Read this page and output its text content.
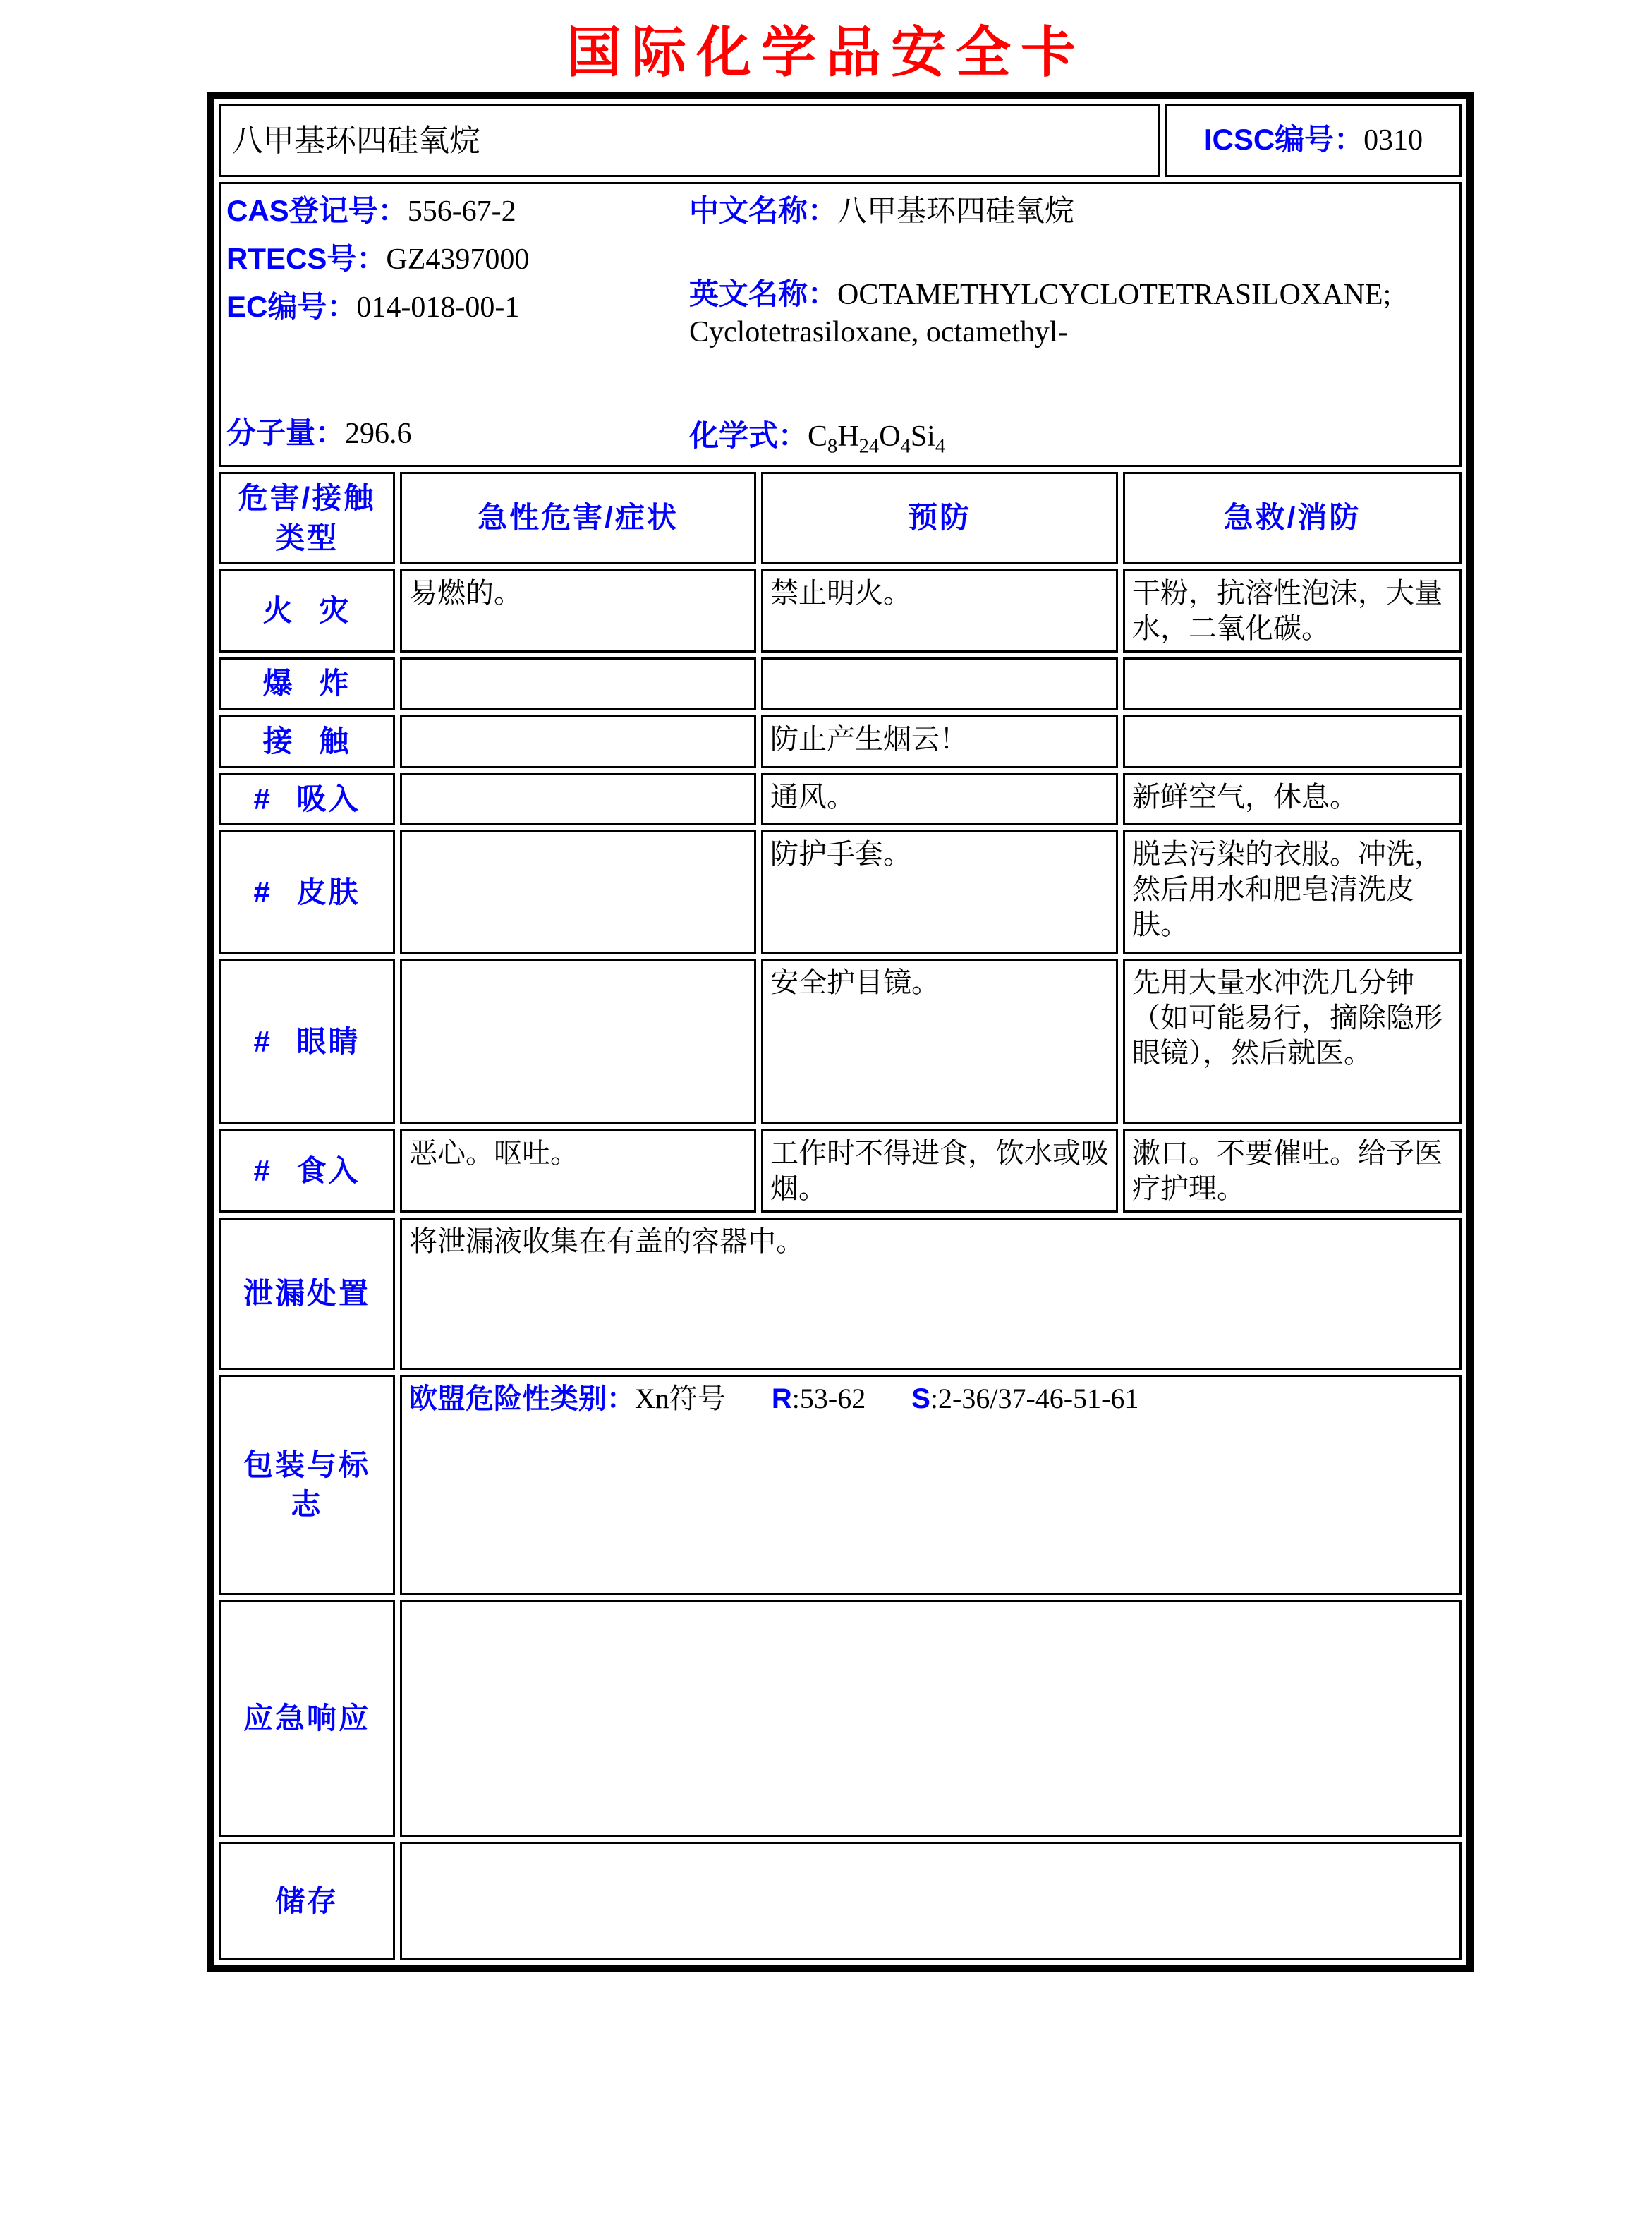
国际化学品安全卡
八甲基环四硅氧烷	ICSC编号：0310

CAS登记号：556-67-2
RTECS号：GZ4397000
EC编号：014-018-00-1
中文名称：八甲基环四硅氧烷
英文名称：OCTAMETHYLCYCLOTETRASILOXANE;
Cyclotetrasiloxane, octamethyl-
分子量：296.6	化学式：$C_8H_{24}O_4Si_4$
危害/接触类型	急性危害/症状	预防	急救/消防
火 灾	易燃的。	禁止明火。	干粉，抗溶性泡沫，大量水，二氧化碳。
爆 炸			
接 触		防止产生烟云！	
# 吸入		通风。	新鲜空气，休息。
# 皮肤		防护手套。	脱去污染的衣服。冲洗，然后用水和肥皂清洗皮肤。
# 眼睛		安全护目镜。	先用大量水冲洗几分钟（如可能易行，摘除隐形眼镜），然后就医。
# 食入	恶心。呕吐。	工作时不得进食，饮水或吸烟。	漱口。不要催吐。给予医疗护理。
泄漏处置	将泄漏液收集在有盖的容器中。		
包装与标志	欧盟危险性类别：Xn符号 R:53-62 S:2-36/37-46-51-61		
应急响应			
储存			
